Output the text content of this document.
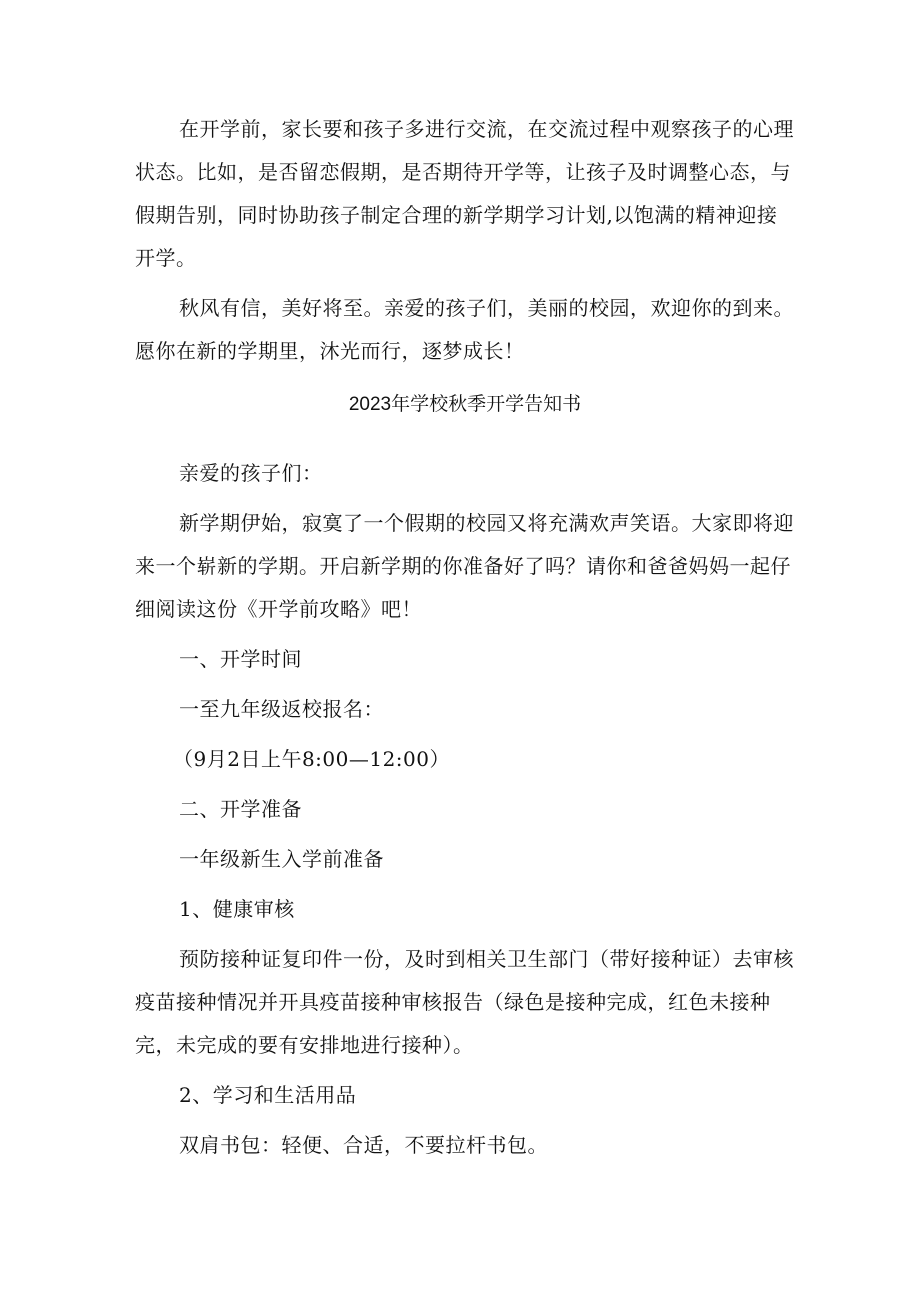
在开学前，家长要和孩子多进行交流，在交流过程中观察孩子的心理状态。比如，是否留恋假期，是否期待开学等，让孩子及时调整心态，与假期告别，同时协助孩子制定合理的新学期学习计划,以饱满的精神迎接开学。

秋风有信，美好将至。亲爱的孩子们，美丽的校园，欢迎你的到来。愿你在新的学期里，沐光而行，逐梦成长！

2023年学校秋季开学告知书

亲爱的孩子们：

新学期伊始，寂寞了一个假期的校园又将充满欢声笑语。大家即将迎来一个崭新的学期。开启新学期的你准备好了吗？请你和爸爸妈妈一起仔细阅读这份《开学前攻略》吧！

一、开学时间

一至九年级返校报名：

（9月2日上午8:00—12:00）

二、开学准备

一年级新生入学前准备

1、健康审核

预防接种证复印件一份，及时到相关卫生部门（带好接种证）去审核疫苗接种情况并开具疫苗接种审核报告（绿色是接种完成，红色未接种完，未完成的要有安排地进行接种）。

2、学习和生活用品

双肩书包：轻便、合适，不要拉杆书包。
